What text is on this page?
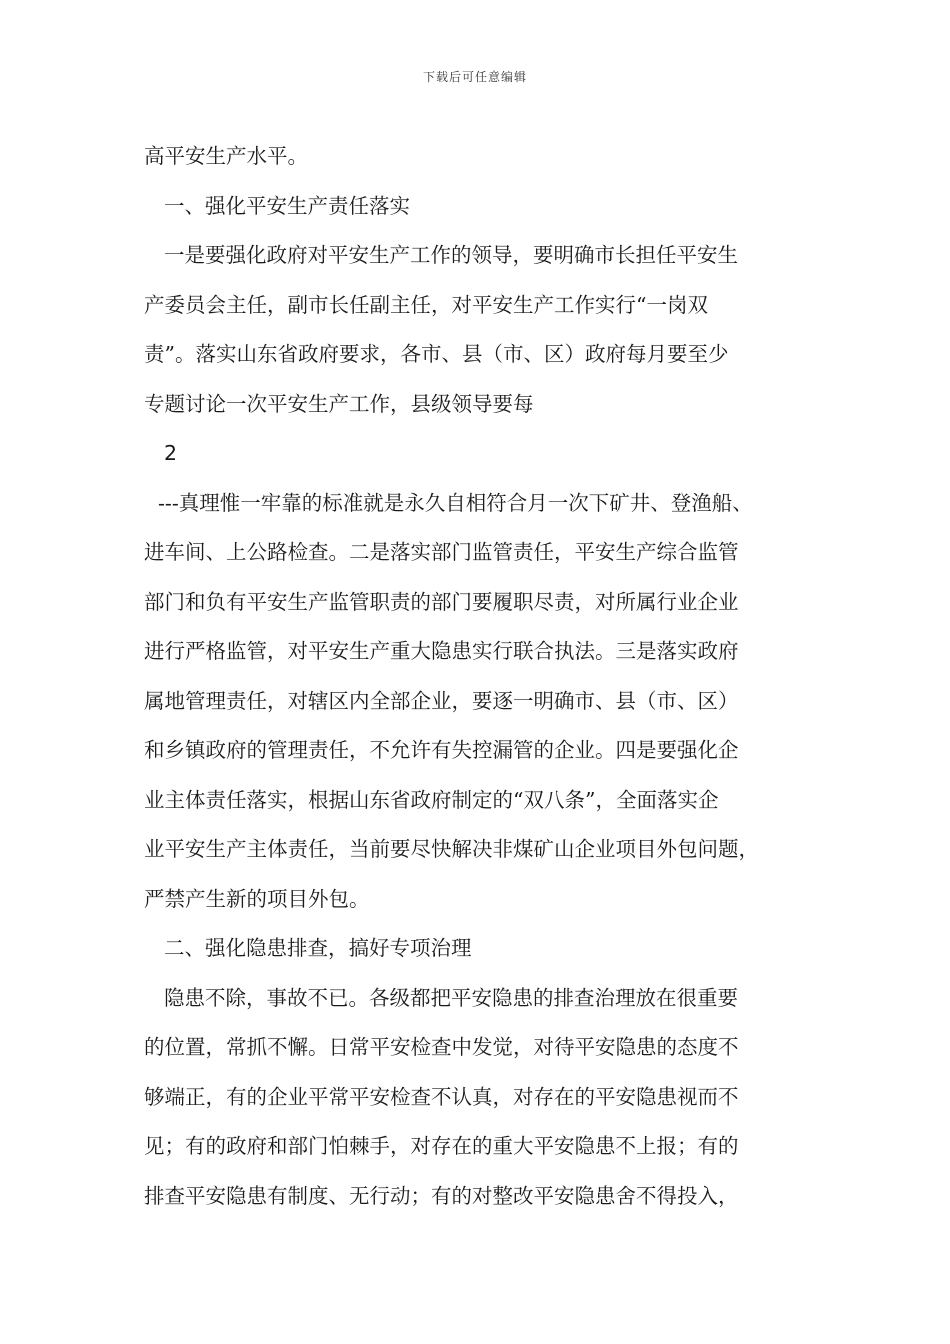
下载后可任意编辑
高平安生产水平。
一、强化平安生产责任落实
一是要强化政府对平安生产工作的领导，要明确市长担任平安生
产委员会主任，副市长任副主任，对平安生产工作实行“一岗双
责”。落实山东省政府要求，各市、县（市、区）政府每月要至少
专题讨论一次平安生产工作，县级领导要每
2
---真理惟一牢靠的标准就是永久自相符合月一次下矿井、登渔船、
进车间、上公路检查。二是落实部门监管责任，平安生产综合监管
部门和负有平安生产监管职责的部门要履职尽责，对所属行业企业
进行严格监管，对平安生产重大隐患实行联合执法。三是落实政府
属地管理责任，对辖区内全部企业，要逐一明确市、县（市、区）
和乡镇政府的管理责任，不允许有失控漏管的企业。四是要强化企
业主体责任落实，根据山东省政府制定的“双八条”，全面落实企
业平安生产主体责任，当前要尽快解决非煤矿山企业项目外包问题，
严禁产生新的项目外包。
二、强化隐患排查，搞好专项治理
隐患不除，事故不已。各级都把平安隐患的排查治理放在很重要
的位置，常抓不懈。日常平安检查中发觉，对待平安隐患的态度不
够端正，有的企业平常平安检查不认真，对存在的平安隐患视而不
见；有的政府和部门怕棘手，对存在的重大平安隐患不上报；有的
排查平安隐患有制度、无行动；有的对整改平安隐患舍不得投入，
